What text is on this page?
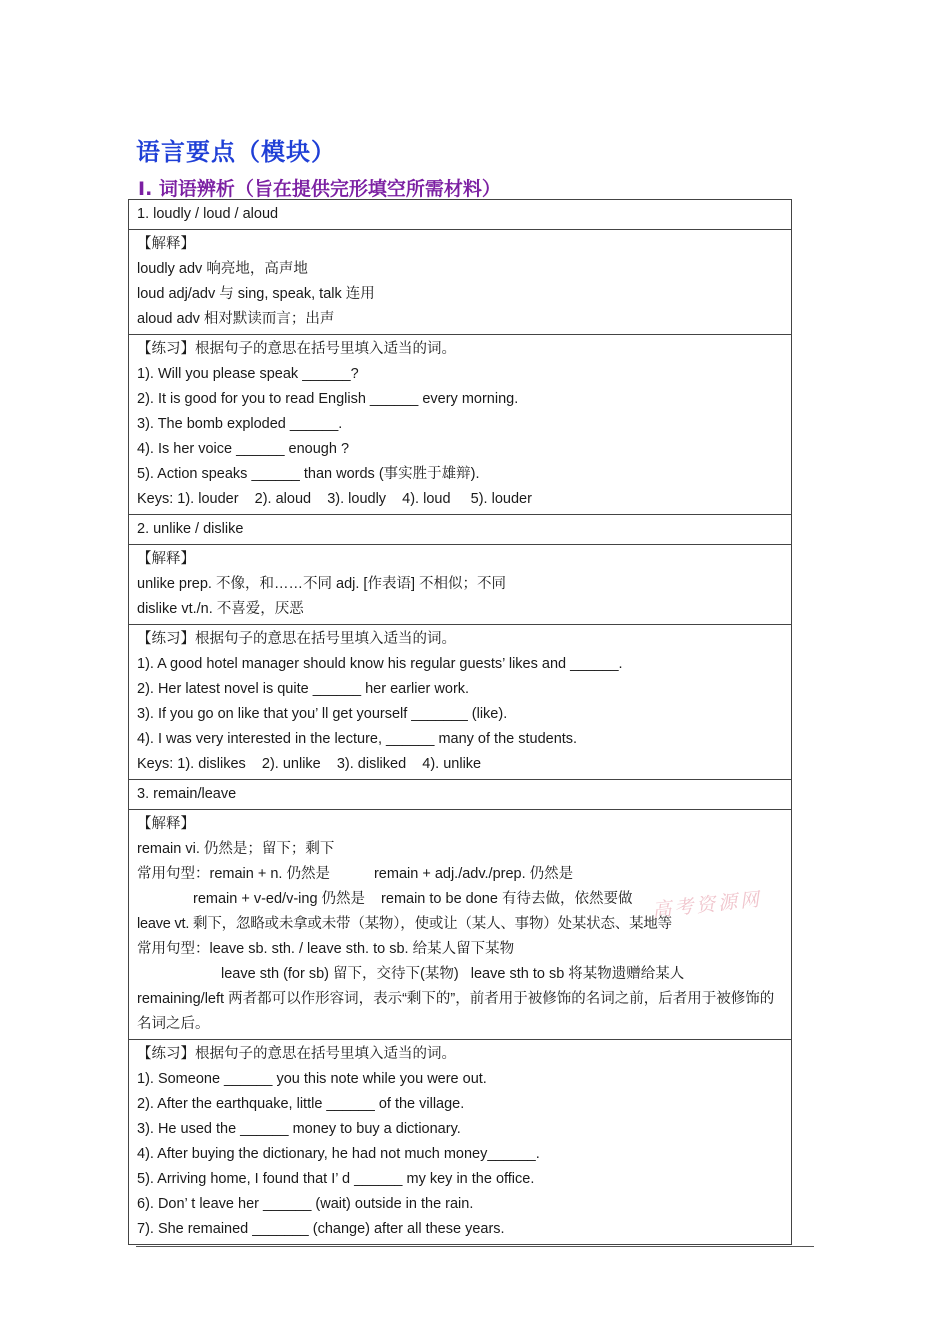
语言要点（模块）
Ⅰ. 词语辨析（旨在提供完形填空所需材料）
1. loudly / loud / aloud

【解释】
loudly adv 响亮地，高声地
loud adj/adv 与 sing, speak, talk 连用
aloud adv 相对默读而言；出声

【练习】根据句子的意思在括号里填入适当的词。
1). Will you please speak ______?
2). It is good for you to read English ______ every morning.
3). The bomb exploded ______.
4). Is her voice ______ enough ?
5). Action speaks ______ than words (事实胜于雄辩).
Keys: 1). louder    2). aloud    3). loudly    4). loud     5). louder

2. unlike / dislike

【解释】
unlike prep. 不像，和……不同 adj. [作表语] 不相似；不同
dislike vt./n. 不喜爱，厌恶

【练习】根据句子的意思在括号里填入适当的词。
1). A good hotel manager should know his regular guests’ likes and ______.
2). Her latest novel is quite ______ her earlier work.
3). If you go on like that you’ ll get yourself _______ (like).
4). I was very interested in the lecture, ______ many of the students.
Keys: 1). dislikes    2). unlike    3). disliked    4). unlike

3. remain/leave

【解释】
remain vi. 仍然是；留下；剩下
常用句型：remain + n. 仍然是	remain + adj./adv./prep. 仍然是
remain + v-ed/v-ing 仍然是 remain to be done 有待去做，依然要做
leave vt. 剩下，忽略或未拿或未带（某物），使或让（某人、事物）处某状态、某地等
常用句型：leave sb. sth. / leave sth. to sb. 给某人留下某物
leave sth (for sb) 留下，交待下(某物)   leave sth to sb 将某物遗赠给某人
remaining/left 两者都可以作形容词，表示“剩下的”，前者用于被修饰的名词之前，后者用于被修饰的名词之后。

【练习】根据句子的意思在括号里填入适当的词。
1). Someone ______ you this note while you were out.
2). After the earthquake, little ______ of the village.
3). He used the ______ money to buy a dictionary.
4). After buying the dictionary, he had not much money______.
5). Arriving home, I found that I’ d ______ my key in the office.
6). Don’ t leave her ______ (wait) outside in the rain.
7). She remained _______ (change) after all these years.
高考资源网
